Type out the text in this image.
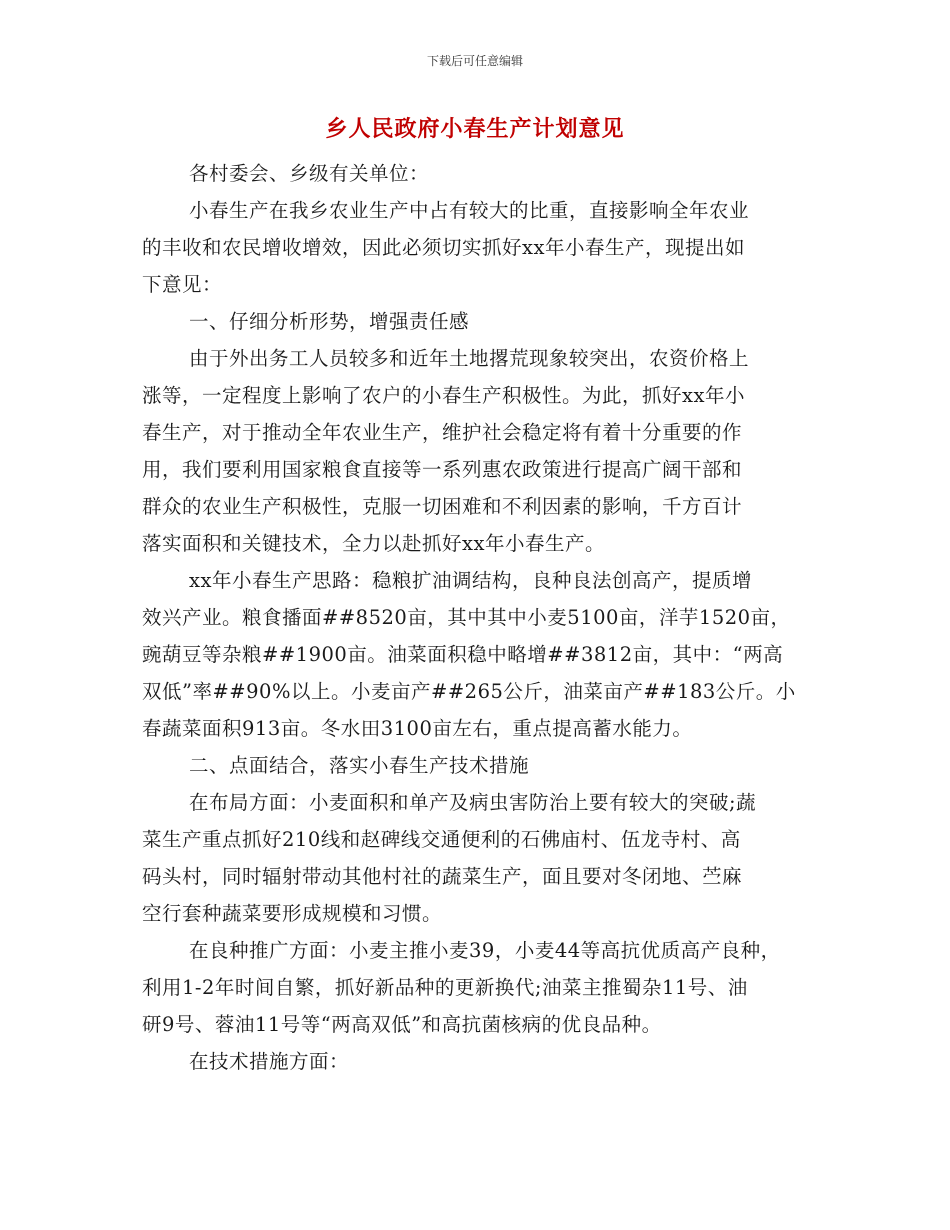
下载后可任意编辑
乡人民政府小春生产计划意见
各村委会、乡级有关单位：
小春生产在我乡农业生产中占有较大的比重，直接影响全年农业
的丰收和农民增收增效，因此必须切实抓好xx年小春生产，现提出如
下意见：
一、仔细分析形势，增强责任感
由于外出务工人员较多和近年土地撂荒现象较突出，农资价格上
涨等，一定程度上影响了农户的小春生产积极性。为此，抓好xx年小
春生产，对于推动全年农业生产，维护社会稳定将有着十分重要的作
用，我们要利用国家粮食直接等一系列惠农政策进行提高广阔干部和
群众的农业生产积极性，克服一切困难和不利因素的影响，千方百计
落实面积和关键技术，全力以赴抓好xx年小春生产。
xx年小春生产思路：稳粮扩油调结构，良种良法创高产，提质增
效兴产业。粮食播面##8520亩，其中其中小麦5100亩，洋芋1520亩，
豌葫豆等杂粮##1900亩。油菜面积稳中略增##3812亩，其中：“两高
双低”率##90%以上。小麦亩产##265公斤，油菜亩产##183公斤。小
春蔬菜面积913亩。冬水田3100亩左右，重点提高蓄水能力。
二、点面结合，落实小春生产技术措施
在布局方面：小麦面积和单产及病虫害防治上要有较大的突破;蔬
菜生产重点抓好210线和赵碑线交通便利的石佛庙村、伍龙寺村、高
码头村，同时辐射带动其他村社的蔬菜生产，面且要对冬闭地、苎麻
空行套种蔬菜要形成规模和习惯。
在良种推广方面：小麦主推小麦39，小麦44等高抗优质高产良种，
利用1-2年时间自繁，抓好新品种的更新换代;油菜主推蜀杂11号、油
研9号、蓉油11号等“两高双低”和高抗菌核病的优良品种。
在技术措施方面：
